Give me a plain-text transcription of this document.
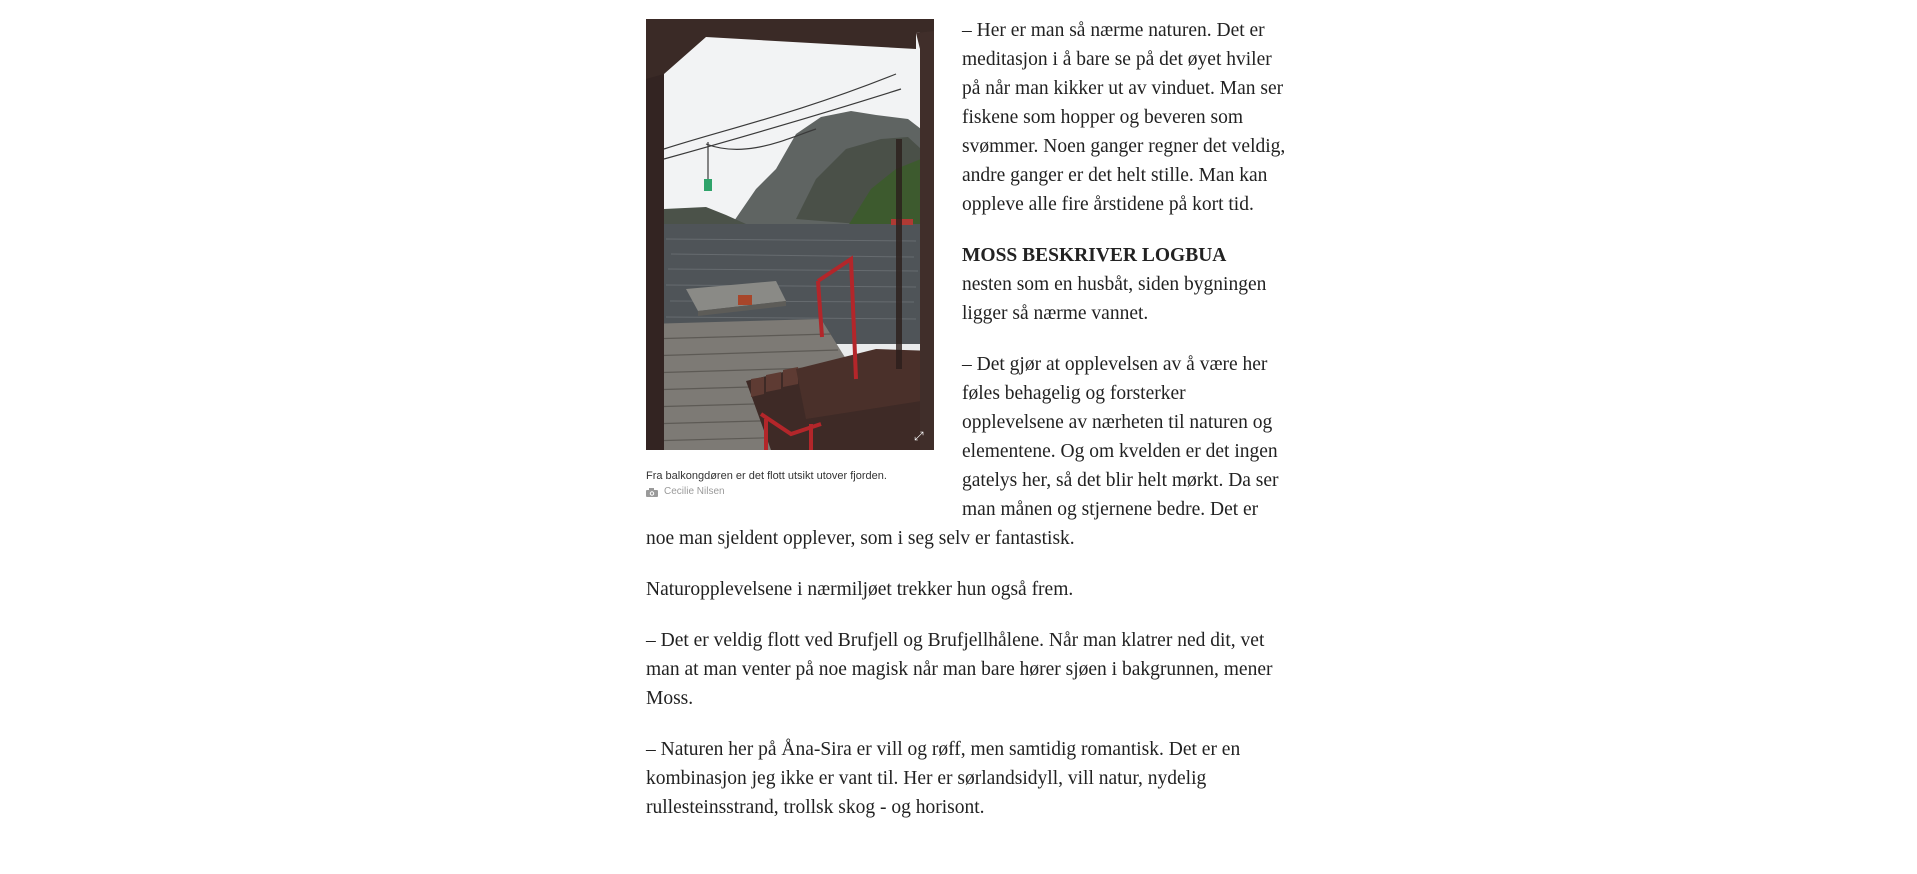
⤢
Fra balkongdøren er det flott utsikt utover fjorden.
Cecilie Nilsen

– Her er man så nærme naturen. Det er meditasjon i å bare se på det øyet hviler på når man kikker ut av vinduet. Man ser fiskene som hopper og beveren som svømmer. Noen ganger regner det veldig, andre ganger er det helt stille. Man kan oppleve alle fire årstidene på kort tid.

MOSS BESKRIVER LOGBUA
nesten som en husbåt, siden bygningen ligger så nærme vannet.

– Det gjør at opplevelsen av å være her føles behagelig og forsterker opplevelsene av nærheten til naturen og elementene. Og om kvelden er det ingen gatelys her, så det blir helt mørkt. Da ser man månen og stjernene bedre. Det er noe man sjeldent opplever, som i seg selv er fantastisk.

Naturopplevelsene i nærmiljøet trekker hun også frem.

– Det er veldig flott ved Brufjell og Brufjellhålene. Når man klatrer ned dit, vet man at man venter på noe magisk når man bare hører sjøen i bakgrunnen, mener Moss.

– Naturen her på Åna-Sira er vill og røff, men samtidig romantisk. Det er en kombinasjon jeg ikke er vant til. Her er sørlandsidyll, vill natur, nydelig rullesteinsstrand, trollsk skog - og horisont.
